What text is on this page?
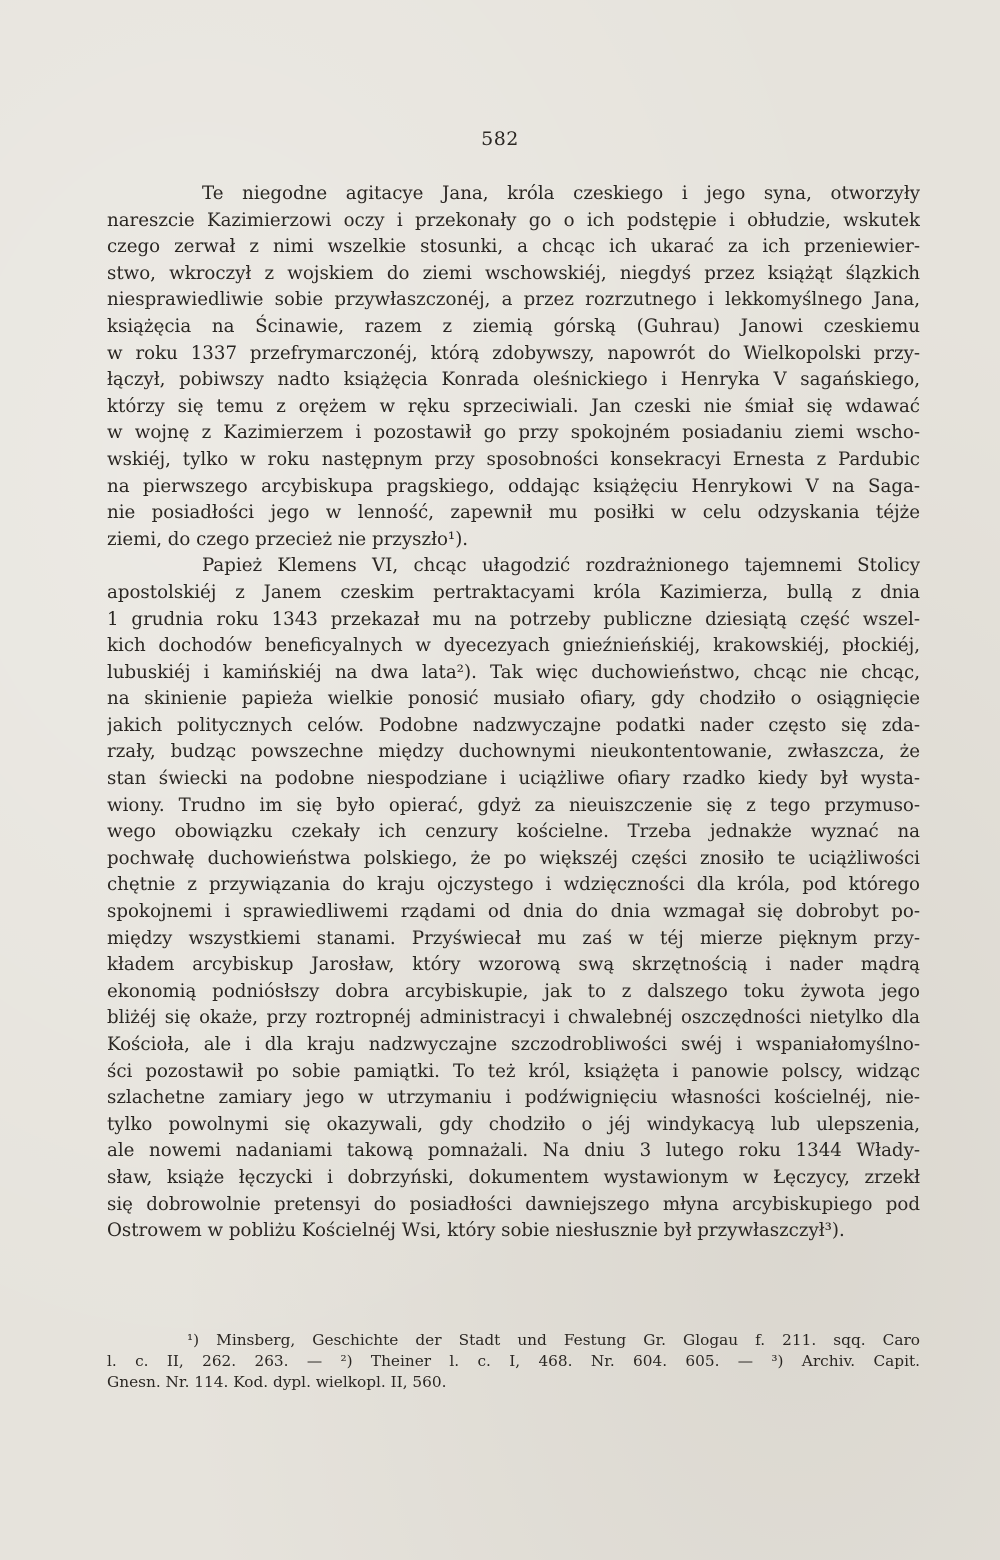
582
Te niegodne agitacye Jana, króla czeskiego i jego syna, otworzyły
nareszcie Kazimierzowi oczy i przekonały go o ich podstępie i obłudzie, wskutek
czego zerwał z nimi wszelkie stosunki, a chcąc ich ukarać za ich przeniewier-
stwo, wkroczył z wojskiem do ziemi wschowskiéj, niegdyś przez książąt ślązkich
niesprawiedliwie sobie przywłaszczonéj, a przez rozrzutnego i lekkomyślnego Jana,
książęcia na Ścinawie, razem z ziemią górską (Guhrau) Janowi czeskiemu
w roku 1337 przefrymarczonéj, którą zdobywszy, napowrót do Wielkopolski przy-
łączył, pobiwszy nadto książęcia Konrada oleśnickiego i Henryka V sagańskiego,
którzy się temu z orężem w ręku sprzeciwiali. Jan czeski nie śmiał się wdawać
w wojnę z Kazimierzem i pozostawił go przy spokojném posiadaniu ziemi wscho-
wskiéj, tylko w roku następnym przy sposobności konsekracyi Ernesta z Pardubic
na pierwszego arcybiskupa pragskiego, oddając książęciu Henrykowi V na Saga-
nie posiadłości jego w lenność, zapewnił mu posiłki w celu odzyskania téjże
ziemi, do czego przecież nie przyszło¹).
Papież Klemens VI, chcąc ułagodzić rozdrażnionego tajemnemi Stolicy
apostolskiéj z Janem czeskim pertraktacyami króla Kazimierza, bullą z dnia
1 grudnia roku 1343 przekazał mu na potrzeby publiczne dziesiątą część wszel-
kich dochodów beneficyalnych w dyecezyach gnieźnieńskiéj, krakowskiéj, płockiéj,
lubuskiéj i kamińskiéj na dwa lata²). Tak więc duchowieństwo, chcąc nie chcąc,
na skinienie papieża wielkie ponosić musiało ofiary, gdy chodziło o osiągnięcie
jakich politycznych celów. Podobne nadzwyczajne podatki nader często się zda-
rzały, budząc powszechne między duchownymi nieukontentowanie, zwłaszcza, że
stan świecki na podobne niespodziane i uciążliwe ofiary rzadko kiedy był wysta-
wiony. Trudno im się było opierać, gdyż za nieuiszczenie się z tego przymuso-
wego obowiązku czekały ich cenzury kościelne. Trzeba jednakże wyznać na
pochwałę duchowieństwa polskiego, że po większéj części znosiło te uciążliwości
chętnie z przywiązania do kraju ojczystego i wdzięczności dla króla, pod którego
spokojnemi i sprawiedliwemi rządami od dnia do dnia wzmagał się dobrobyt po-
między wszystkiemi stanami. Przyświecał mu zaś w téj mierze pięknym przy-
kładem arcybiskup Jarosław, który wzorową swą skrzętnością i nader mądrą
ekonomią podniósłszy dobra arcybiskupie, jak to z dalszego toku żywota jego
bliżéj się okaże, przy roztropnéj administracyi i chwalebnéj oszczędności nietylko dla
Kościoła, ale i dla kraju nadzwyczajne szczodrobliwości swéj i wspaniałomyślno-
ści pozostawił po sobie pamiątki. To też król, książęta i panowie polscy, widząc
szlachetne zamiary jego w utrzymaniu i podźwignięciu własności kościelnéj, nie-
tylko powolnymi się okazywali, gdy chodziło o jéj windykacyą lub ulepszenia,
ale nowemi nadaniami takową pomnażali. Na dniu 3 lutego roku 1344 Włady-
sław, książe łęczycki i dobrzyński, dokumentem wystawionym w Łęczycy, zrzekł
się dobrowolnie pretensyi do posiadłości dawniejszego młyna arcybiskupiego pod
Ostrowem w pobliżu Kościelnéj Wsi, który sobie niesłusznie był przywłaszczył³).
¹) Minsberg, Geschichte der Stadt und Festung Gr. Glogau f. 211. sqq. Caro
l. c. II, 262. 263. — ²) Theiner l. c. I, 468. Nr. 604. 605. — ³) Archiv. Capit.
Gnesn. Nr. 114. Kod. dypl. wielkopl. II, 560.
